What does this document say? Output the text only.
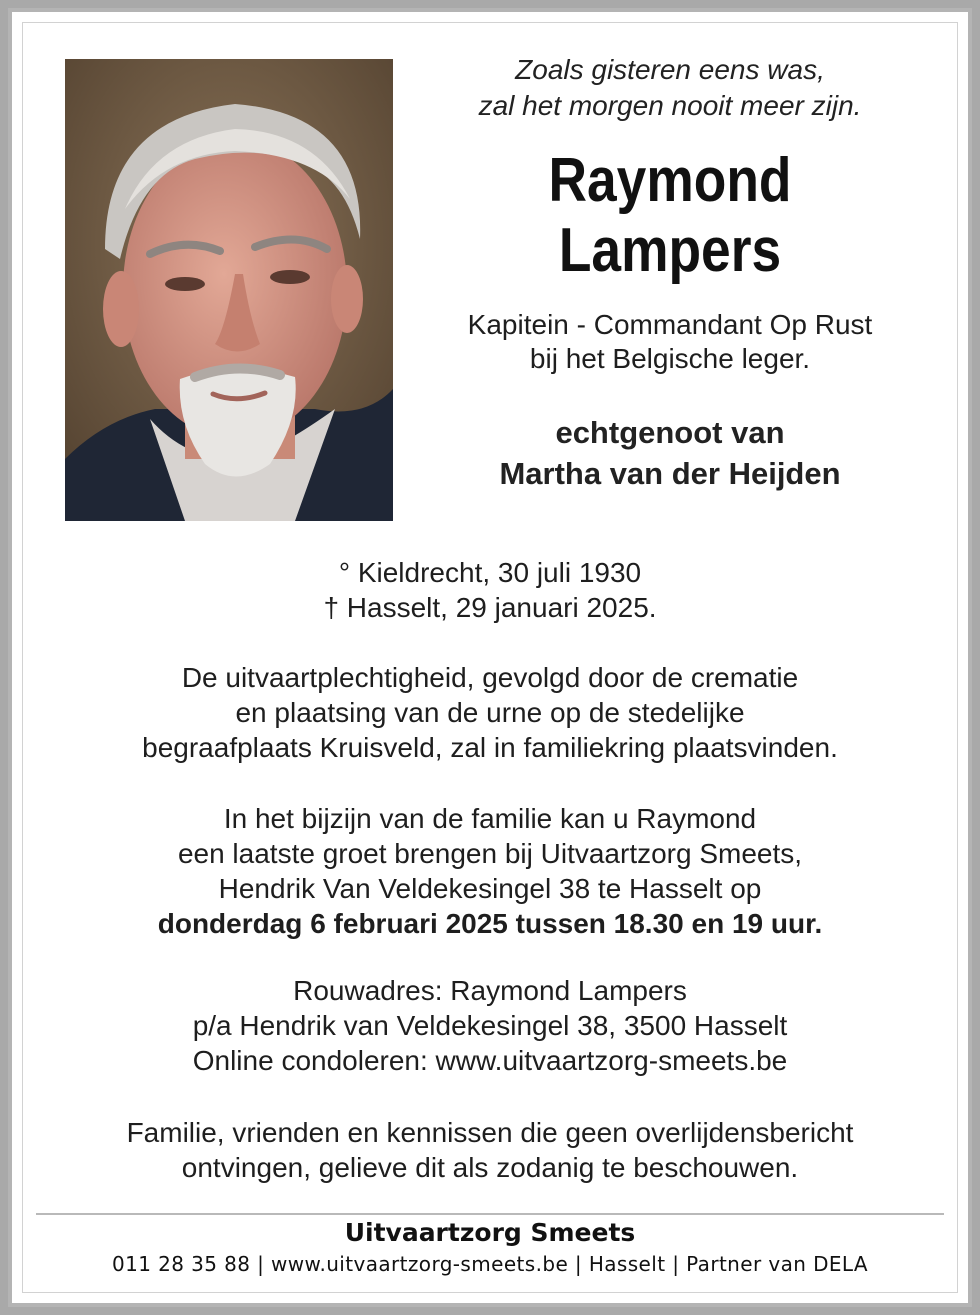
Zoals gisteren eens was,
zal het morgen nooit meer zijn.
Raymond
Lampers
Kapitein - Commandant Op Rust
bij het Belgische leger.
echtgenoot van
Martha van der Heijden
° Kieldrecht, 30 juli 1930
† Hasselt, 29 januari 2025.
De uitvaartplechtigheid, gevolgd door de crematie
en plaatsing van de urne op de stedelijke
begraafplaats Kruisveld, zal in familiekring plaatsvinden.
In het bijzijn van de familie kan u Raymond
een laatste groet brengen bij Uitvaartzorg Smeets,
Hendrik Van Veldekesingel 38 te Hasselt op
donderdag 6 februari 2025 tussen 18.30 en 19 uur.
Rouwadres: Raymond Lampers
p/a Hendrik van Veldekesingel 38, 3500 Hasselt
Online condoleren: www.uitvaartzorg-smeets.be
Familie, vrienden en kennissen die geen overlijdensbericht
ontvingen, gelieve dit als zodanig te beschouwen.
Uitvaartzorg Smeets
011 28 35 88 | www.uitvaartzorg-smeets.be | Hasselt | Partner van DELA
